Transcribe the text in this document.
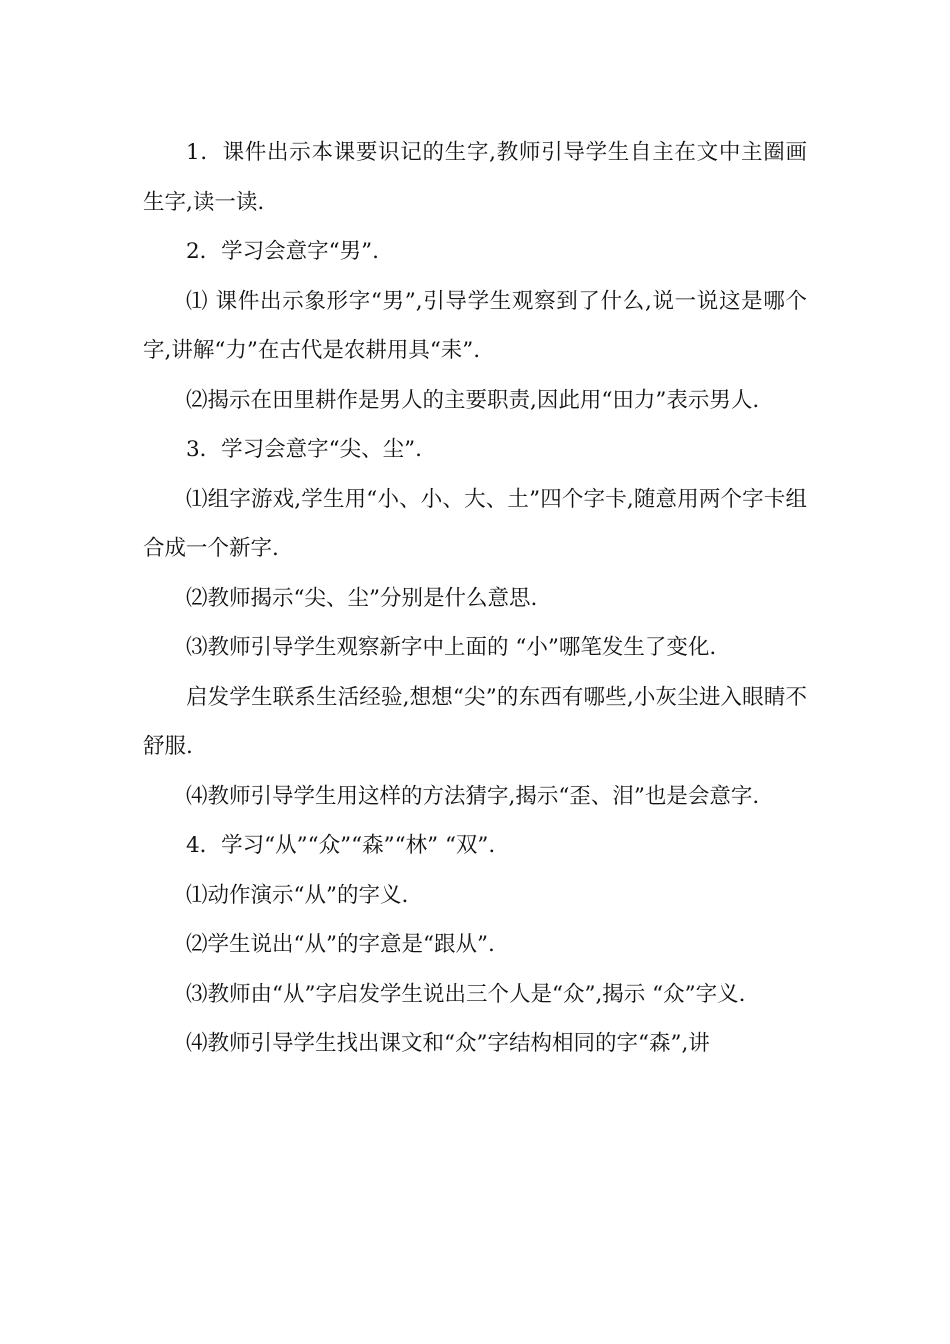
1．课件出示本课要识记的生字,教师引导学生自主在文中主圈画生字,读一读.

2．学习会意字“男”.

⑴ 课件出示象形字“男”,引导学生观察到了什么,说一说这是哪个字,讲解“力”在古代是农耕用具“耒”.

⑵揭示在田里耕作是男人的主要职责,因此用“田力”表示男人.

3．学习会意字“尖、尘”.

⑴组字游戏,学生用“小、小、大、土”四个字卡,随意用两个字卡组合成一个新字.

⑵教师揭示“尖、尘”分别是什么意思.

⑶教师引导学生观察新字中上面的 “小”哪笔发生了变化.

启发学生联系生活经验,想想“尖”的东西有哪些,小灰尘进入眼睛不舒服.

⑷教师引导学生用这样的方法猜字,揭示“歪、泪”也是会意字.

4．学习“从”“众”“森”“林” “双”.

⑴动作演示“从”的字义.

⑵学生说出“从”的字意是“跟从”.

⑶教师由“从”字启发学生说出三个人是“众”,揭示 “众”字义.

⑷教师引导学生找出课文和“众”字结构相同的字“森”,讲
